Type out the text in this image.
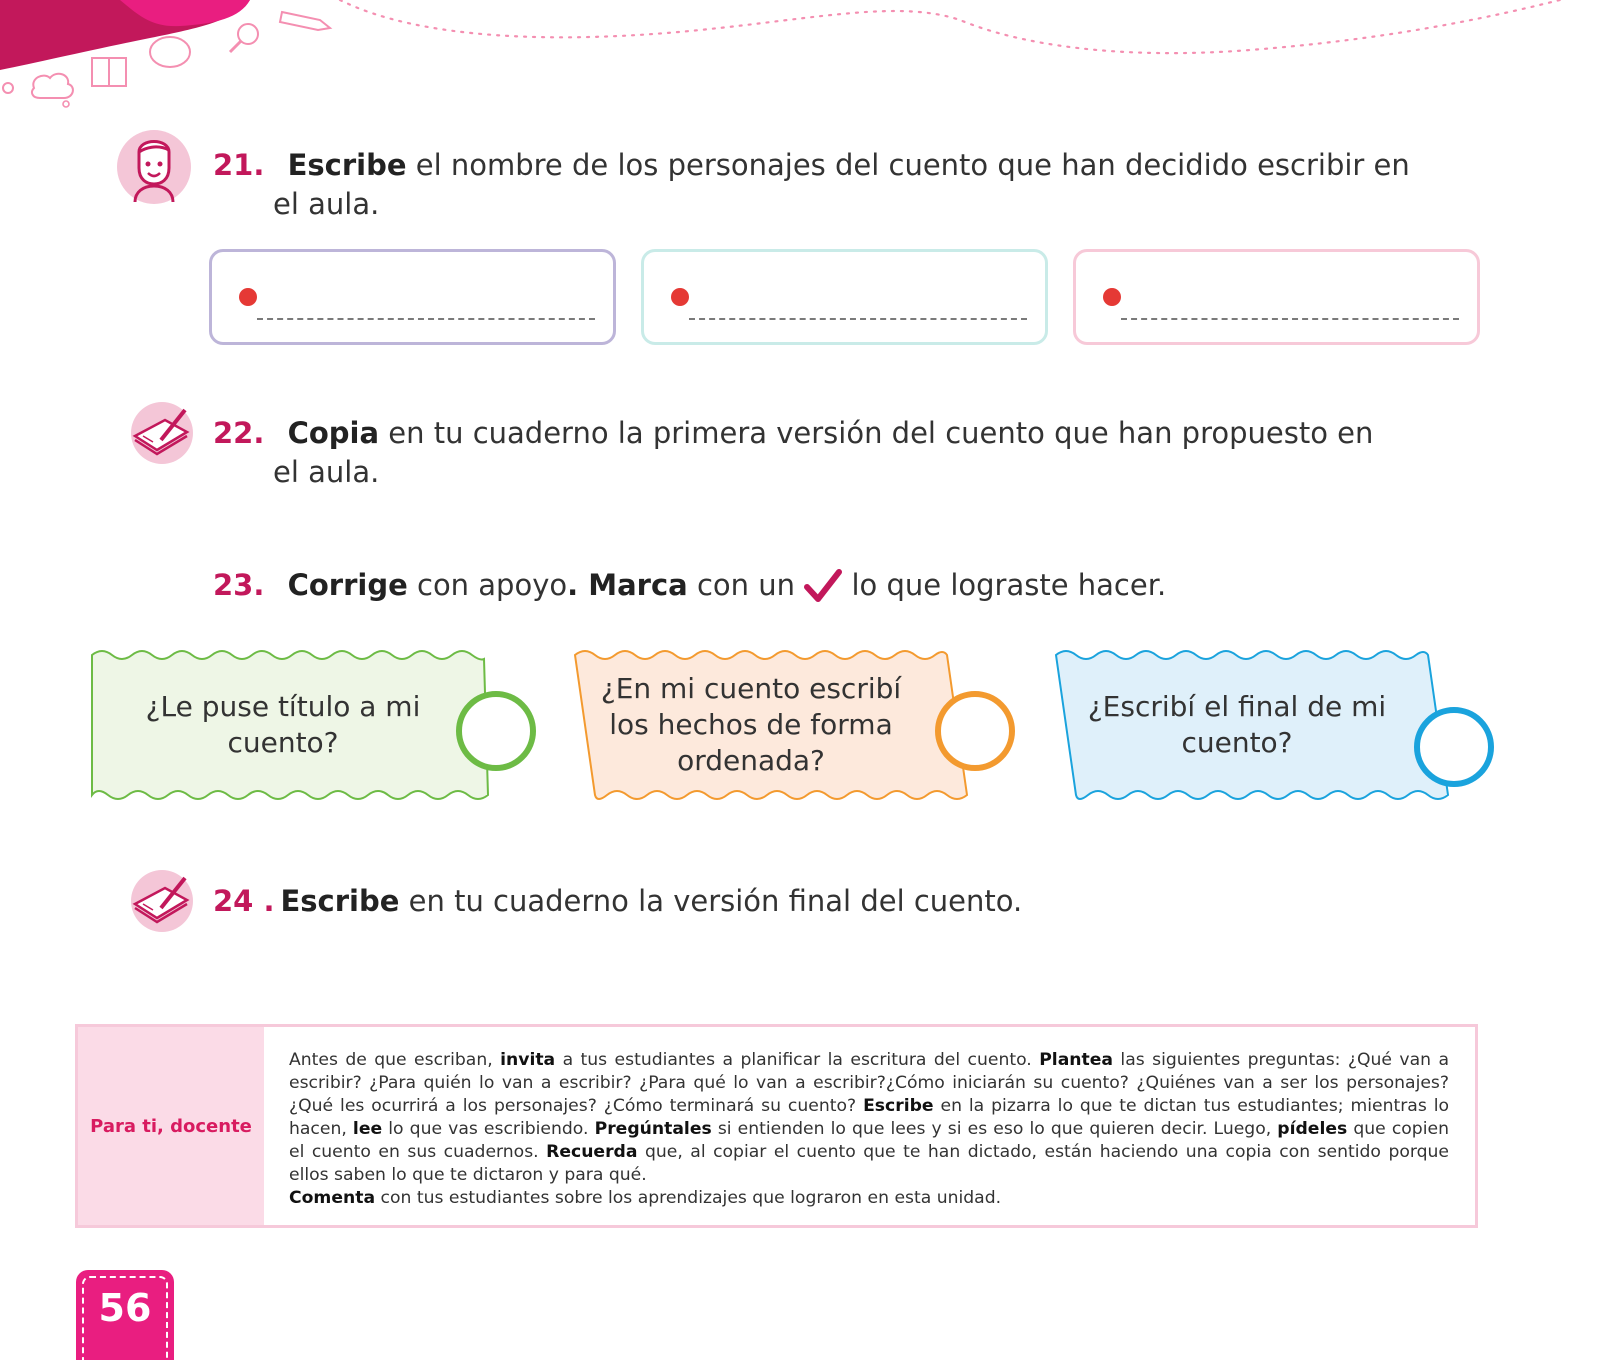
21. Escribe el nombre de los personajes del cuento que han decidido escribir en
el aula.
22. Copia en tu cuaderno la primera versión del cuento que han propuesto en
el aula.
23. Corrige con apoyo. Marca con un  lo que lograste hacer.
¿Le puse título a mi cuento?
¿En mi cuento escribí los hechos de forma ordenada?
¿Escribí el final de mi cuento?
24 . Escribe en tu cuaderno la versión final del cuento.
Para ti, docente
Antes de que escriban, invita a tus estudiantes a planificar la escritura del cuento. Plantea las siguientes preguntas: ¿Qué van a escribir? ¿Para quién lo van a escribir? ¿Para qué lo van a escribir?¿Cómo iniciarán su cuento? ¿Quiénes van a ser los personajes? ¿Qué les ocurrirá a los personajes? ¿Cómo terminará su cuento? Escribe en la pizarra lo que te dictan tus estudiantes; mientras lo hacen, lee lo que vas escribiendo. Pregúntales si entienden lo que lees y si es eso lo que quieren decir. Luego, pídeles que copien el cuento en sus cuadernos. Recuerda que, al copiar el cuento que te han dictado, están haciendo una copia con sentido porque ellos saben lo que te dictaron y para qué.
Comenta con tus estudiantes sobre los aprendizajes que lograron en esta unidad.
56
